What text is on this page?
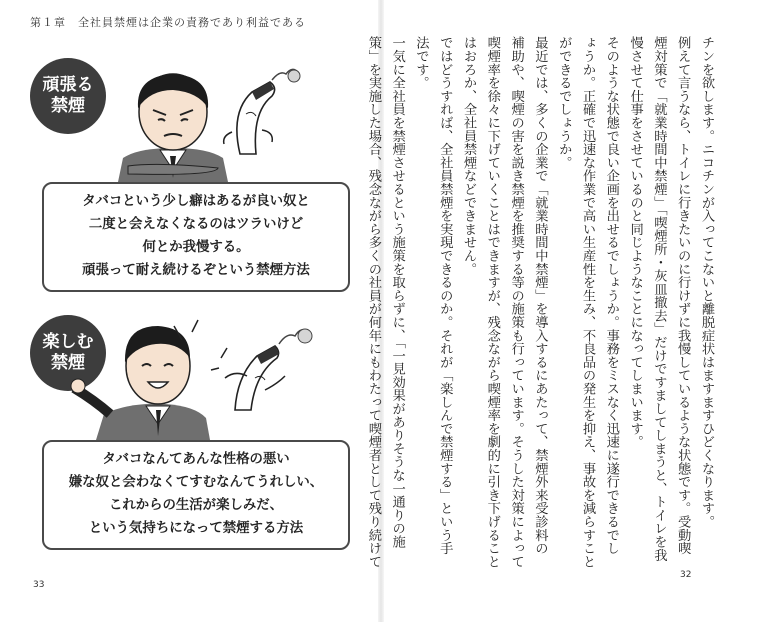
第１章　全社員禁煙は企業の責務であり利益である
頑張る
禁煙
タバコという少し癖はあるが良い奴と
二度と会えなくなるのはツラいけど
何とか我慢する。
頑張って耐え続けるぞという禁煙方法
楽しむ
禁煙
タバコなんてあんな性格の悪い
嫌な奴と会わなくてすむなんてうれしい、
これからの生活が楽しみだ、
という気持ちになって禁煙する方法
33

チンを欲します。ニコチンが入ってこないと離脱症状はますますひどくなります。

例えて言うなら、トイレに行きたいのに行けずに我慢しているような状態です。受動喫

煙対策で「就業時間中禁煙」「喫煙所・灰皿撤去」だけですましてしまうと、トイレを我

慢させて仕事をさせているのと同じようなことになってしまいます。

そのような状態で良い企画を出せるでしょうか。事務をミスなく迅速に遂行できるでし

ょうか。正確で迅速な作業で高い生産性を生み、不良品の発生を抑え、事故を減らすこと

ができるでしょうか。

最近では、多くの企業で「就業時間中禁煙」を導入するにあたって、禁煙外来受診料の

補助や、喫煙の害を説き禁煙を推奨する等の施策も行っています。そうした対策によって

喫煙率を徐々に下げていくことはできますが、残念ながら喫煙率を劇的に引き下げること

はおろか、全社員禁煙などできません。

ではどうすれば、全社員禁煙を実現できるのか。それが「楽しんで禁煙する」という手

法です。

一気に全社員を禁煙させるという施策を取らずに、「一見効果がありそうな一通りの施

策」を実施した場合、残念ながら多くの社員が何年にもわたって喫煙者として残り続けて

32
